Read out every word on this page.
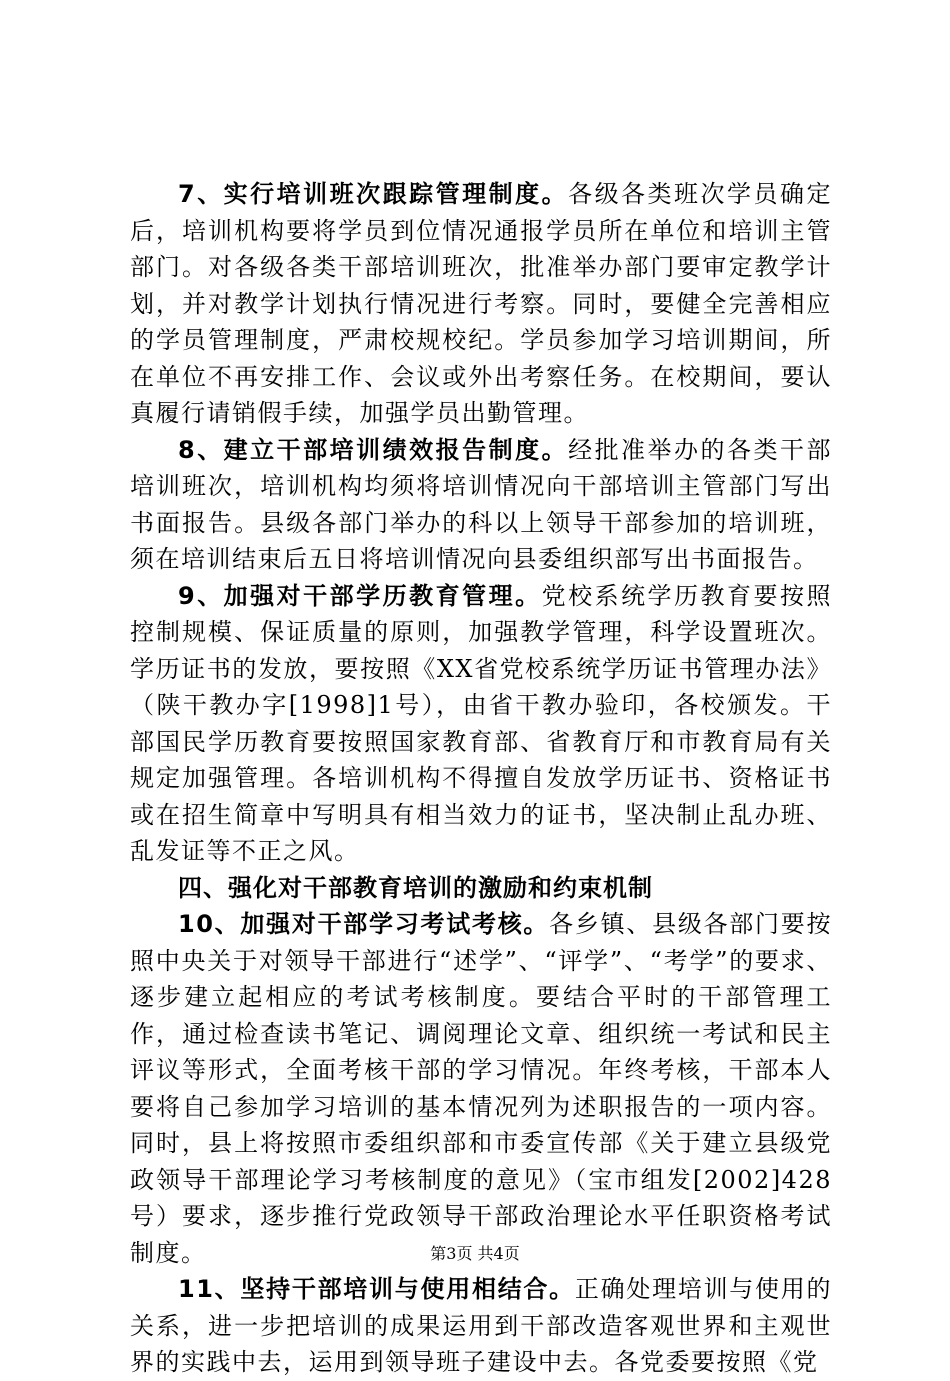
7、实行培训班次跟踪管理制度。各级各类班次学员确定后，培训机构要将学员到位情况通报学员所在单位和培训主管部门。对各级各类干部培训班次，批准举办部门要审定教学计划，并对教学计划执行情况进行考察。同时，要健全完善相应的学员管理制度，严肃校规校纪。学员参加学习培训期间，所在单位不再安排工作、会议或外出考察任务。在校期间，要认真履行请销假手续，加强学员出勤管理。

8、建立干部培训绩效报告制度。经批准举办的各类干部培训班次，培训机构均须将培训情况向干部培训主管部门写出书面报告。县级各部门举办的科以上领导干部参加的培训班，须在培训结束后五日将培训情况向县委组织部写出书面报告。

9、加强对干部学历教育管理。党校系统学历教育要按照控制规模、保证质量的原则，加强教学管理，科学设置班次。学历证书的发放，要按照《XX省党校系统学历证书管理办法》（陕干教办字[1998]1号），由省干教办验印，各校颁发。干部国民学历教育要按照国家教育部、省教育厅和市教育局有关规定加强管理。各培训机构不得擅自发放学历证书、资格证书或在招生简章中写明具有相当效力的证书，坚决制止乱办班、乱发证等不正之风。

四、强化对干部教育培训的激励和约束机制

10、加强对干部学习考试考核。各乡镇、县级各部门要按照中央关于对领导干部进行“述学”、“评学”、“考学”的要求、逐步建立起相应的考试考核制度。要结合平时的干部管理工作，通过检查读书笔记、调阅理论文章、组织统一考试和民主评议等形式，全面考核干部的学习情况。年终考核，干部本人要将自己参加学习培训的基本情况列为述职报告的一项内容。同时，县上将按照市委组织部和市委宣传部《关于建立县级党政领导干部理论学习考核制度的意见》（宝市组发[2002]428号）要求，逐步推行党政领导干部政治理论水平任职资格考试制度。

11、坚持干部培训与使用相结合。正确处理培训与使用的关系，进一步把培训的成果运用到干部改造客观世界和主观世界的实践中去，运用到领导班子建设中去。各党委要按照《党

第3页 共4页
